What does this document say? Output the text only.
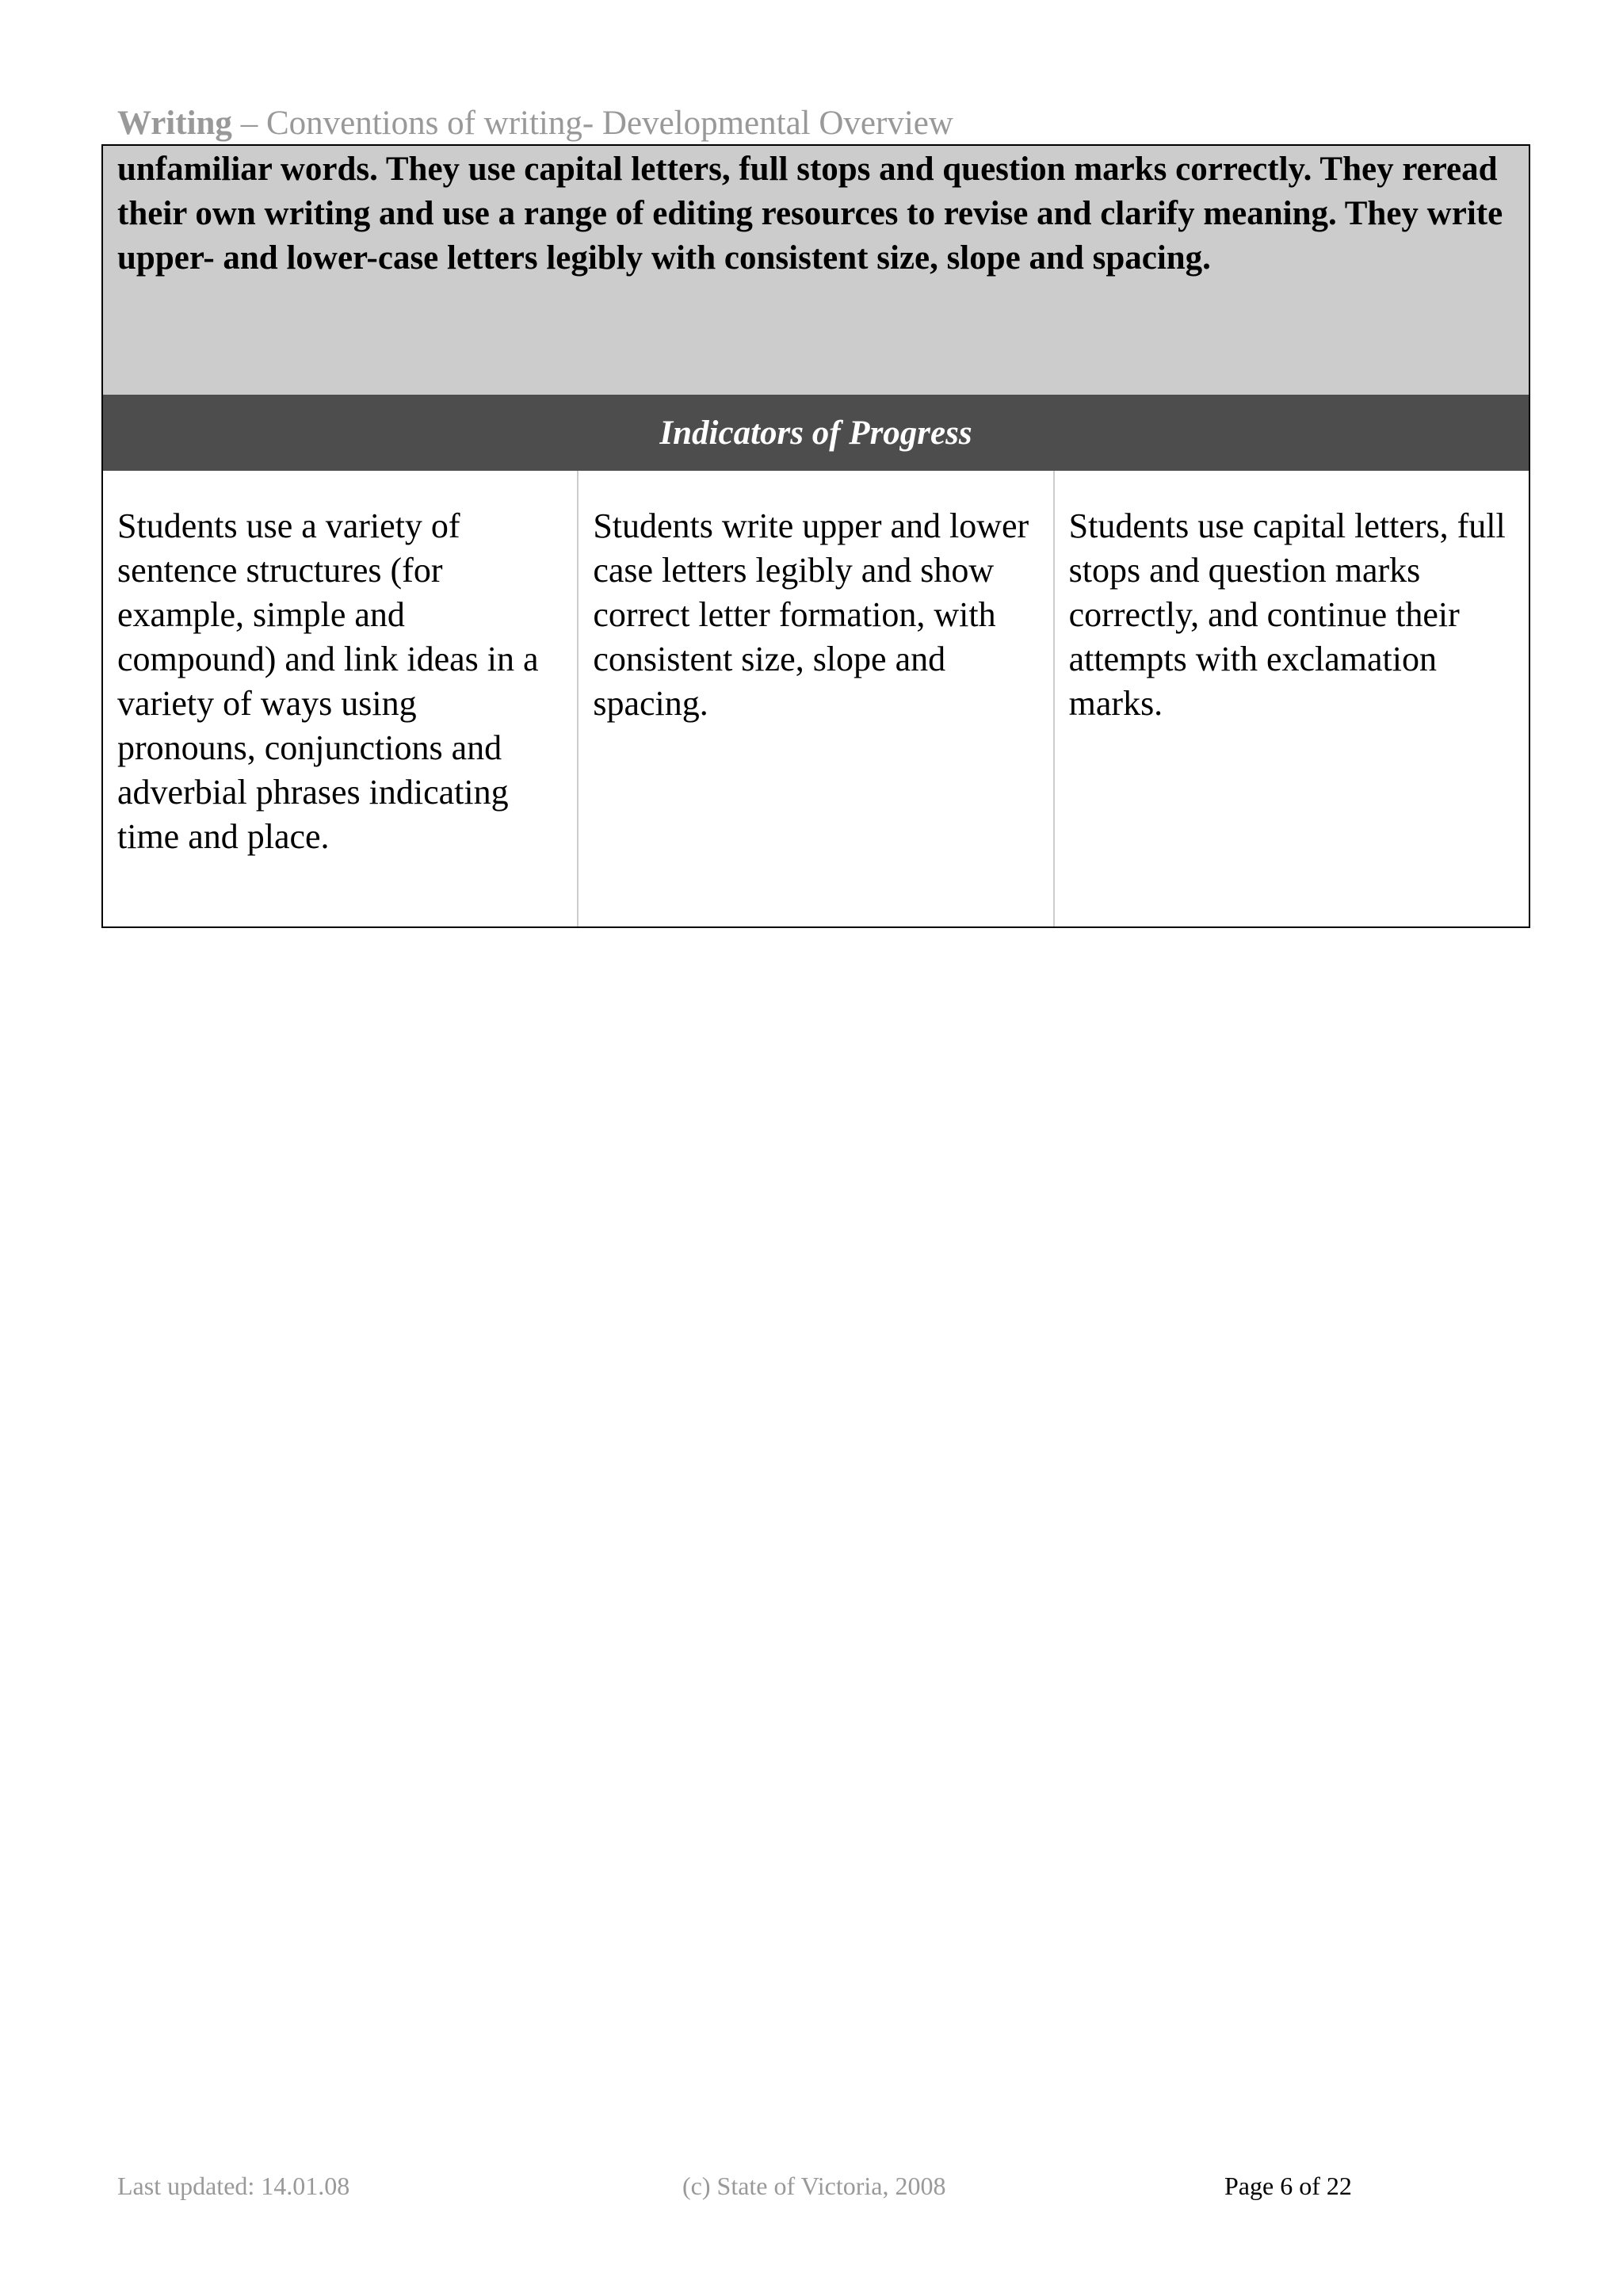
Writing – Conventions of writing- Developmental Overview
unfamiliar words. They use capital letters, full stops and question marks correctly. They reread their own writing and use a range of editing resources to revise and clarify meaning. They write upper- and lower-case letters legibly with consistent size, slope and spacing.
Indicators of Progress
Students use a variety of sentence structures (for example, simple and compound) and link ideas in a variety of ways using pronouns, conjunctions and adverbial phrases indicating time and place.
Students write upper and lower case letters legibly and show correct letter formation, with consistent size, slope and spacing.
Students use capital letters, full stops and question marks correctly, and continue their attempts with exclamation marks.
Last updated: 14.01.08	(c) State of Victoria, 2008	Page 6 of 22
